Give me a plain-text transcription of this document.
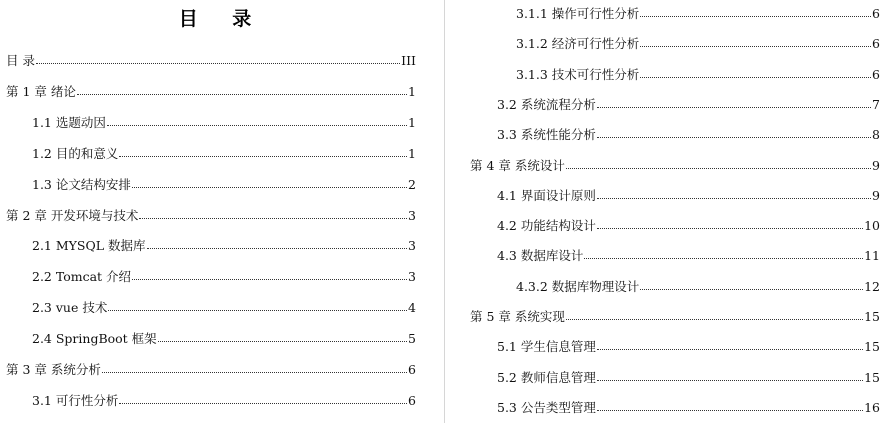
目 录
目 录	III
第 1 章 绪论	1
1.1 选题动因	1
1.2 目的和意义	1
1.3 论文结构安排	2
第 2 章 开发环境与技术	3
2.1 MYSQL 数据库	3
2.2 Tomcat 介绍	3
2.3 vue 技术	4
2.4 SpringBoot 框架	5
第 3 章 系统分析	6
3.1 可行性分析	6
3.1.1 操作可行性分析	6
3.1.2 经济可行性分析	6
3.1.3 技术可行性分析	6
3.2 系统流程分析	7
3.3 系统性能分析	8
第 4 章 系统设计	9
4.1 界面设计原则	9
4.2 功能结构设计	10
4.3 数据库设计	11
4.3.2 数据库物理设计	12
第 5 章 系统实现	15
5.1 学生信息管理	15
5.2 教师信息管理	15
5.3 公告类型管理	16
